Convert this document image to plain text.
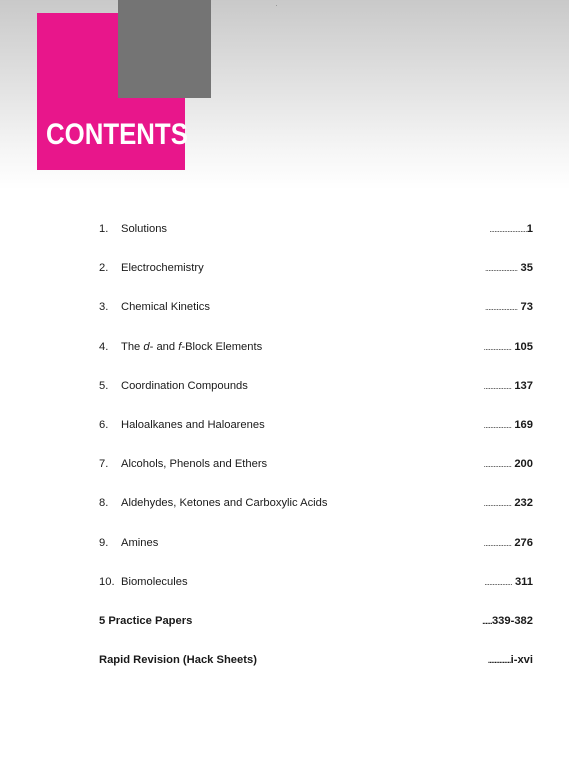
CONTENTS
1. Solutions	.......................1
2. Electrochemistry	.................... 35
3. Chemical Kinetics	.................... 73
4. The d- and f-Block Elements	................. 105
5. Coordination Compounds	................. 137
6. Haloalkanes and Haloarenes	................. 169
7. Alcohols, Phenols and Ethers	................. 200
8. Aldehydes, Ketones and Carboxylic Acids	................. 232
9. Amines	................. 276
10. Biomolecules	................. 311
5 Practice Papers	......339-382
Rapid Revision (Hack Sheets)	..............i-xvi
